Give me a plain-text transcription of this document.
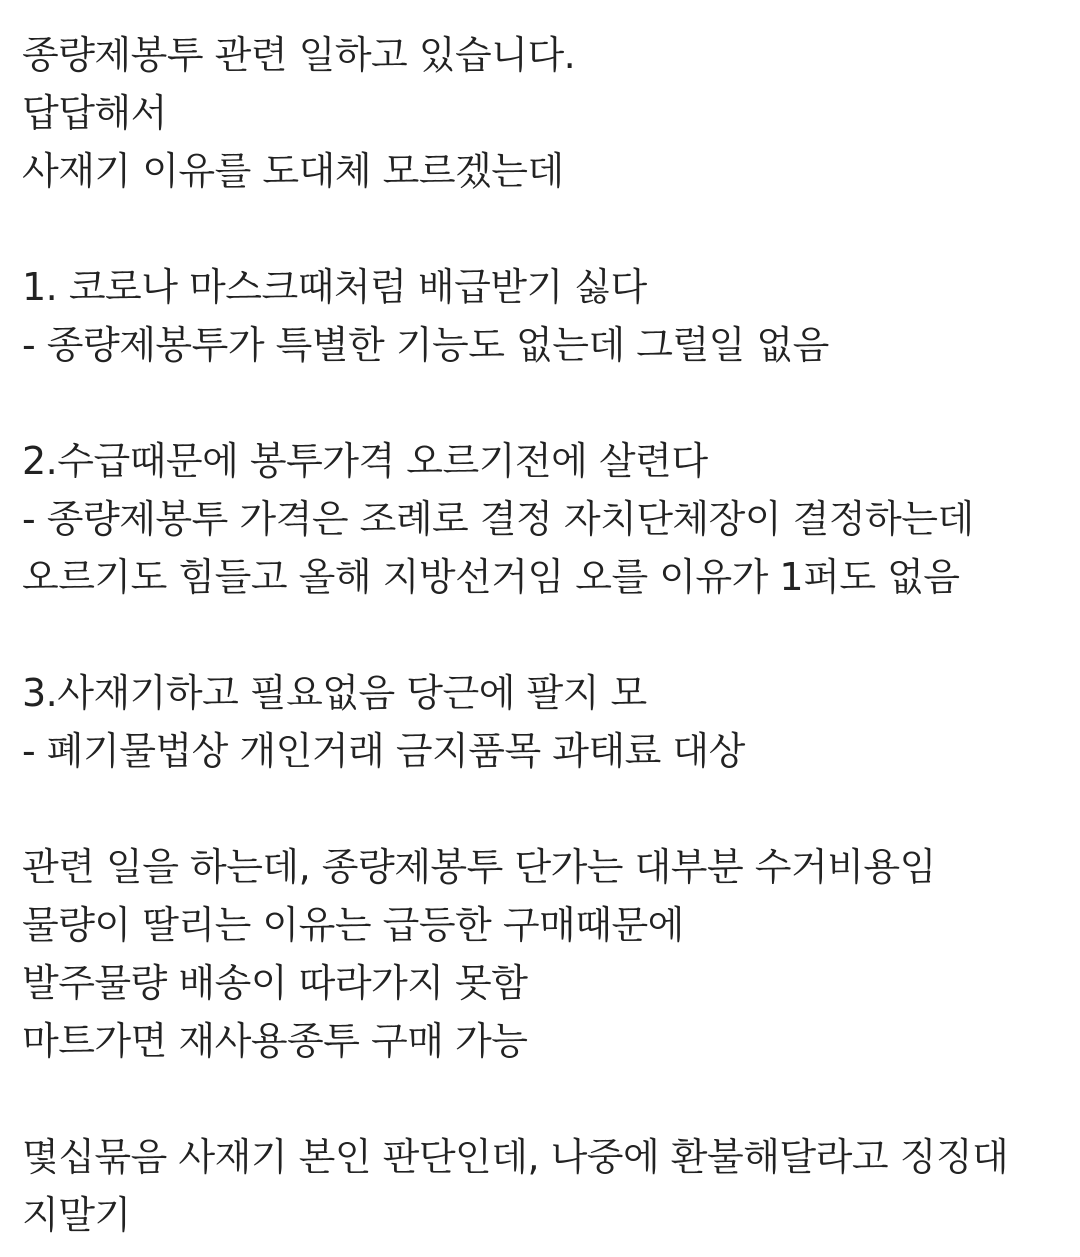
종량제봉투 관련 일하고 있습니다.
답답해서
사재기 이유를 도대체 모르겠는데
1. 코로나 마스크때처럼 배급받기 싫다
- 종량제봉투가 특별한 기능도 없는데 그럴일 없음
2.수급때문에 봉투가격 오르기전에 살련다
- 종량제봉투 가격은 조례로 결정 자치단체장이 결정하는데
오르기도 힘들고 올해 지방선거임 오를 이유가 1퍼도 없음
3.사재기하고 필요없음 당근에 팔지 모
- 폐기물법상 개인거래 금지품목 과태료 대상
관련 일을 하는데, 종량제봉투 단가는 대부분 수거비용임
물량이 딸리는 이유는 급등한 구매때문에
발주물량 배송이 따라가지 못함
마트가면 재사용종투 구매 가능
몇십묶음 사재기 본인 판단인데, 나중에 환불해달라고 징징대
지말기
